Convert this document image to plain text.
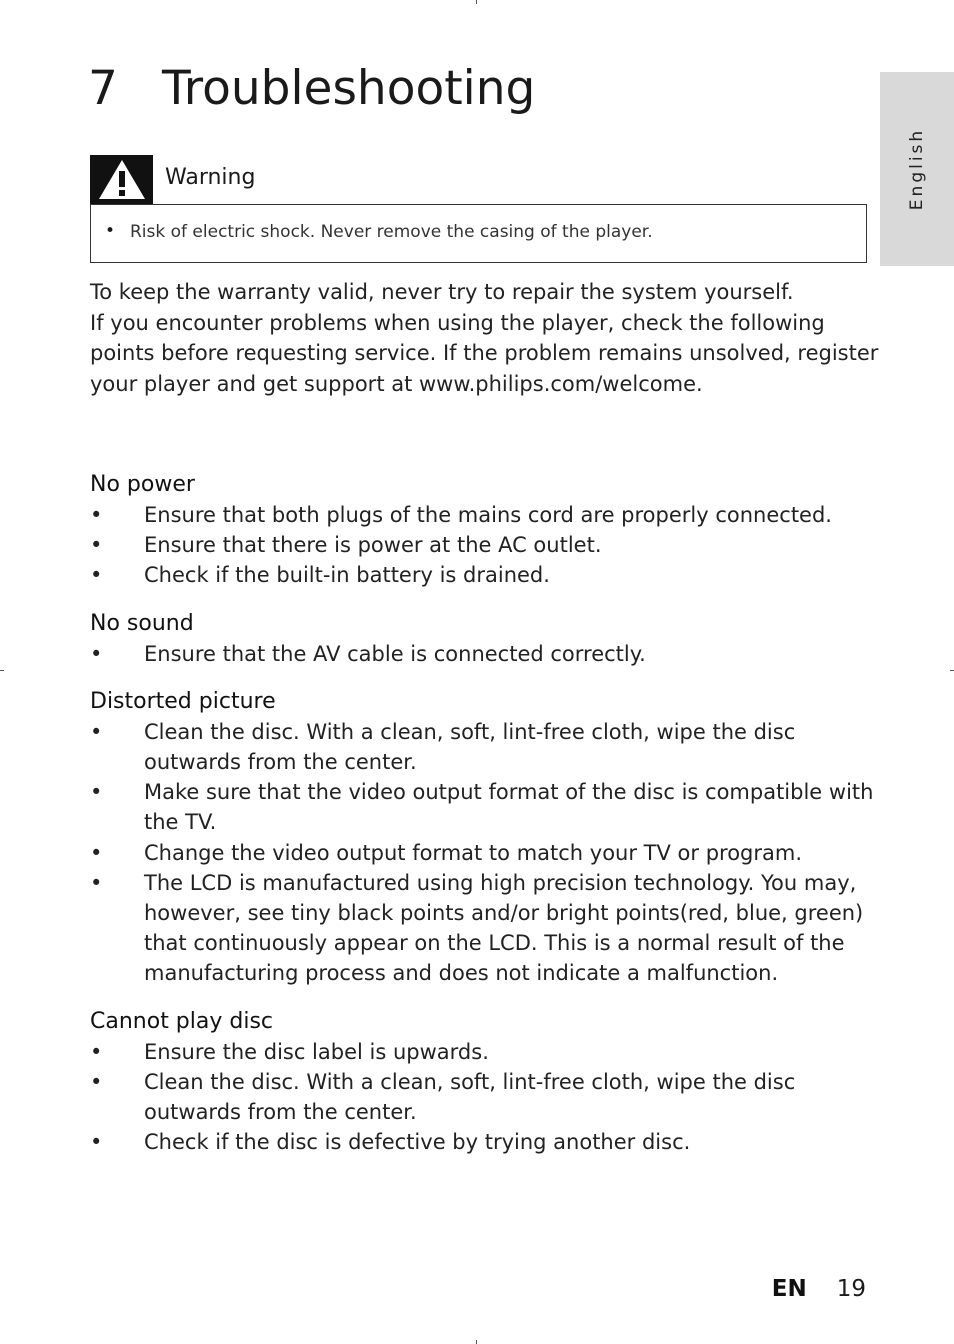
7 Troubleshooting
English
Warning
• Risk of electric shock. Never remove the casing of the player.

To keep the warranty valid, never try to repair the system yourself.

If you encounter problems when using the player, check the following points before requesting service. If the problem remains unsolved, register your player and get support at www.philips.com/welcome.

No power
• Ensure that both plugs of the mains cord are properly connected.
• Ensure that there is power at the AC outlet.
• Check if the built-in battery is drained.
No sound
• Ensure that the AV cable is connected correctly.
Distorted picture
• Clean the disc. With a clean, soft, lint-free cloth, wipe the disc outwards from the center.
• Make sure that the video output format of the disc is compatible with the TV.
• Change the video output format to match your TV or program.
• The LCD is manufactured using high precision technology. You may, however, see tiny black points and/or bright points(red, blue, green) that continuously appear on the LCD. This is a normal result of the manufacturing process and does not indicate a malfunction.
Cannot play disc
• Ensure the disc label is upwards.
• Clean the disc. With a clean, soft, lint-free cloth, wipe the disc outwards from the center.
• Check if the disc is defective by trying another disc.
EN 19
